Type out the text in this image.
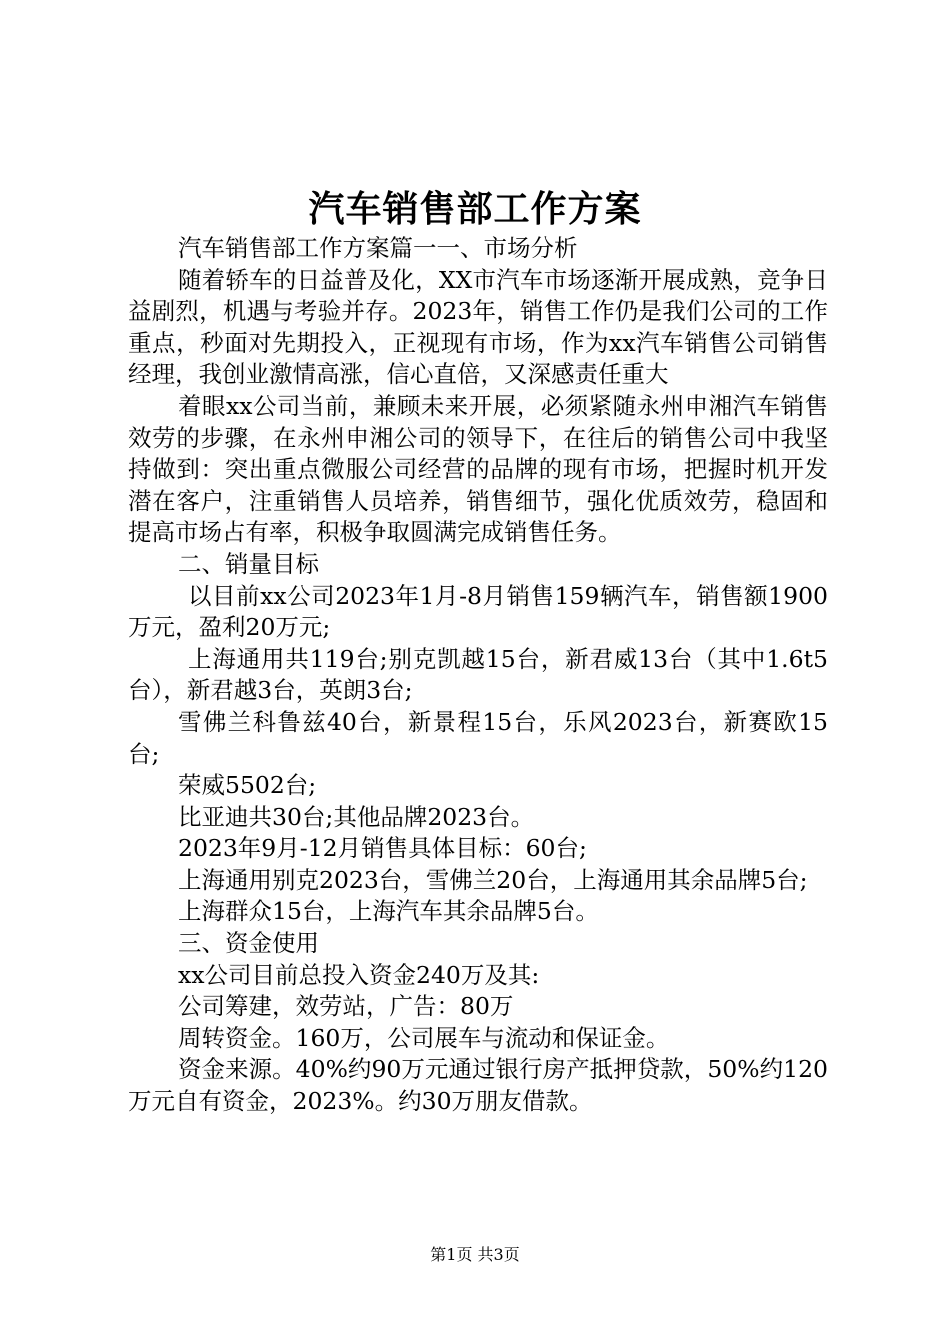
汽车销售部工作方案

汽车销售部工作方案篇一一、市场分析

随着轿车的日益普及化，XX市汽车市场逐渐开展成熟，竞争日益剧烈，机遇与考验并存。2023年，销售工作仍是我们公司的工作重点，秒面对先期投入，正视现有市场，作为xx汽车销售公司销售经理，我创业激情高涨，信心直倍，又深感责任重大

着眼xx公司当前，兼顾未来开展，必须紧随永州申湘汽车销售效劳的步骤，在永州申湘公司的领导下，在往后的销售公司中我坚持做到：突出重点微服公司经营的品牌的现有市场，把握时机开发潜在客户，注重销售人员培养，销售细节，强化优质效劳，稳固和提高市场占有率，积极争取圆满完成销售任务。

二、销量目标

以目前xx公司2023年1月-8月销售159辆汽车，销售额1900万元，盈利20万元;

上海通用共119台;别克凯越15台，新君威13台（其中1.6t5台），新君越3台，英朗3台;

雪佛兰科鲁兹40台，新景程15台，乐风2023台，新赛欧15台;

荣威5502台;

比亚迪共30台;其他品牌2023台。

2023年9月-12月销售具体目标：60台;

上海通用别克2023台，雪佛兰20台，上海通用其余品牌5台;

上海群众15台，上海汽车其余品牌5台。

三、资金使用

xx公司目前总投入资金240万及其:

公司筹建，效劳站，广告：80万

周转资金。160万，公司展车与流动和保证金。

资金来源。40%约90万元通过银行房产抵押贷款，50%约120万元自有资金，2023%。约30万朋友借款。

第1页 共3页
